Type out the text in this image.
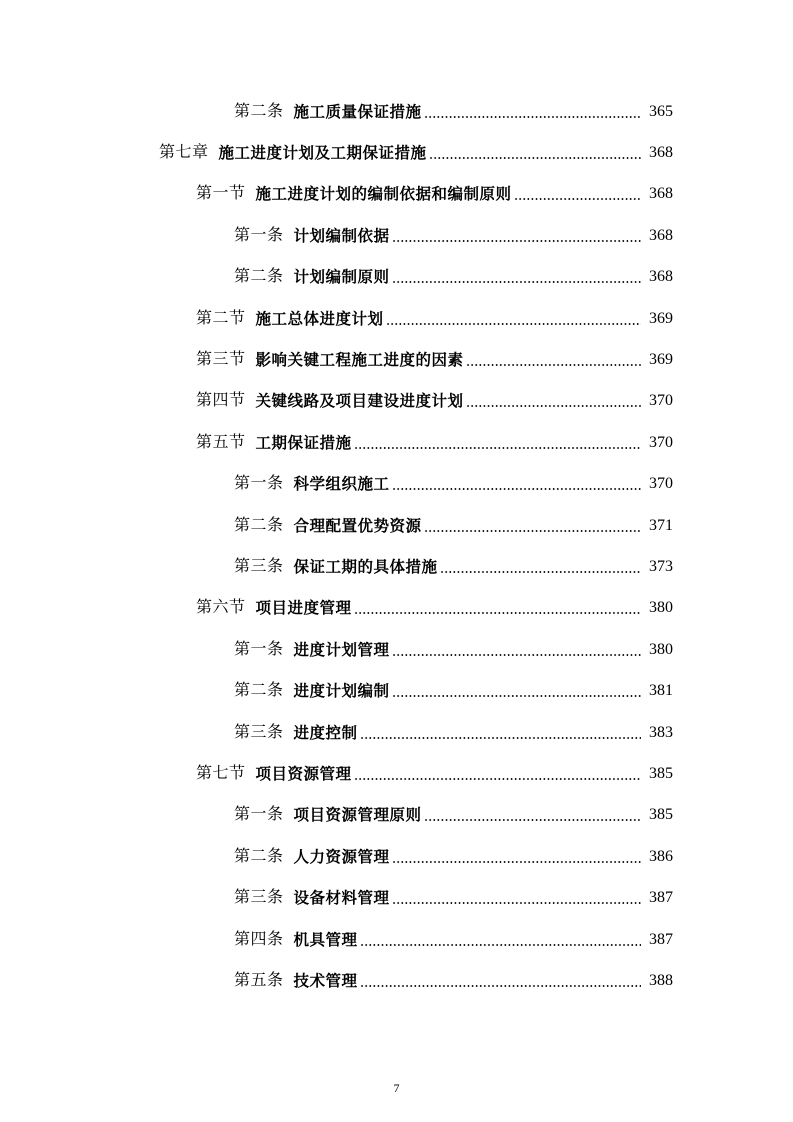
第二条 施工质量保证措施	365
第七章 施工进度计划及工期保证措施	368
第一节 施工进度计划的编制依据和编制原则	368
第一条 计划编制依据	368
第二条 计划编制原则	368
第二节 施工总体进度计划	369
第三节 影响关键工程施工进度的因素	369
第四节 关键线路及项目建设进度计划	370
第五节 工期保证措施	370
第一条 科学组织施工	370
第二条 合理配置优势资源	371
第三条 保证工期的具体措施	373
第六节 项目进度管理	380
第一条 进度计划管理	380
第二条 进度计划编制	381
第三条 进度控制	383
第七节 项目资源管理	385
第一条 项目资源管理原则	385
第二条 人力资源管理	386
第三条 设备材料管理	387
第四条 机具管理	387
第五条 技术管理	388
7
